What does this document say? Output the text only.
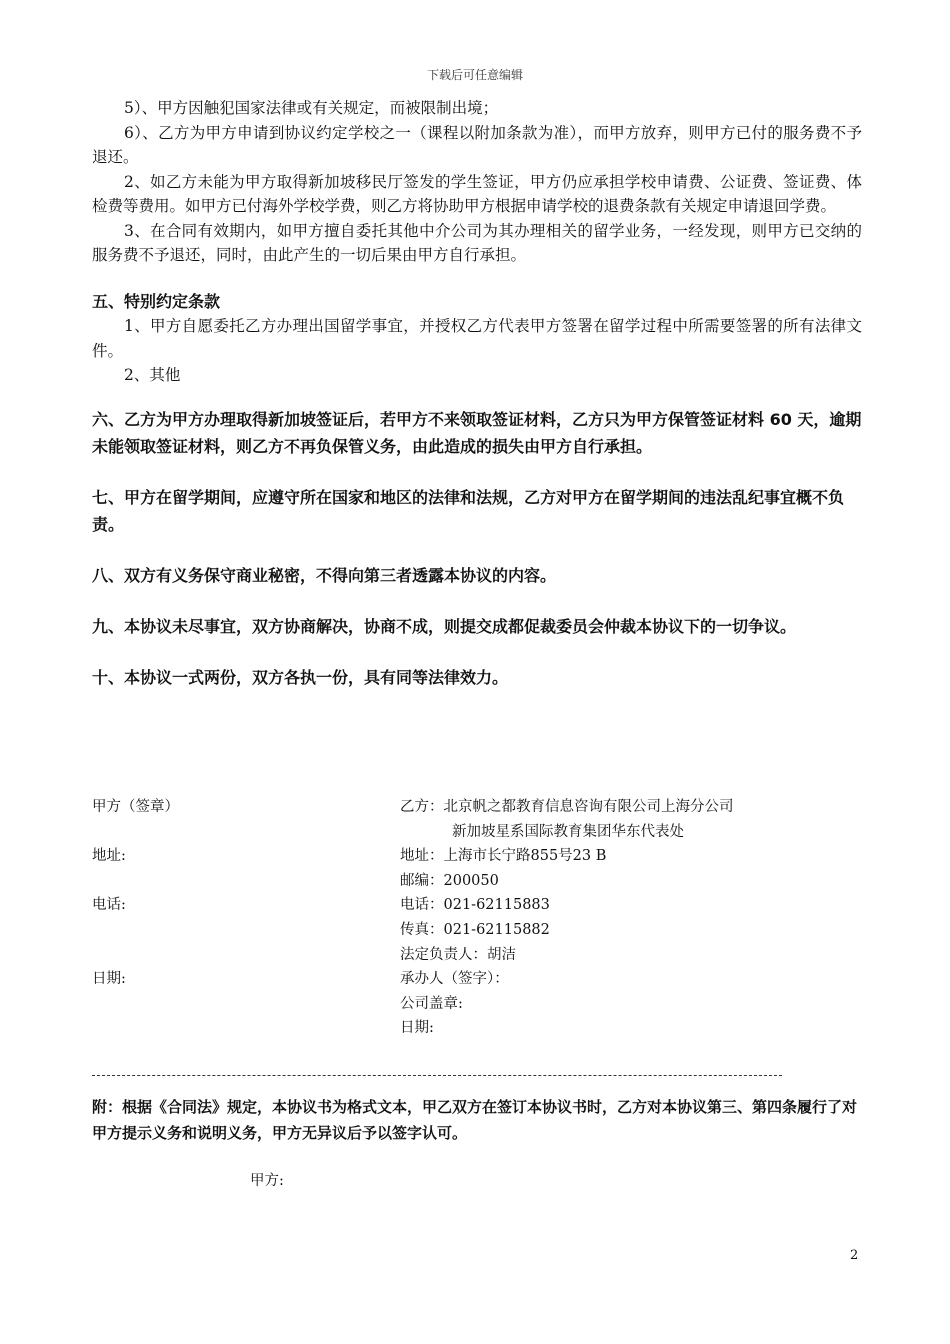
下载后可任意编辑

5）、甲方因触犯国家法律或有关规定，而被限制出境；

6）、乙方为甲方申请到协议约定学校之一（课程以附加条款为准），而甲方放弃，则甲方已付的服务费不予退还。

2、如乙方未能为甲方取得新加坡移民厅签发的学生签证，甲方仍应承担学校申请费、公证费、签证费、体检费等费用。如甲方已付海外学校学费，则乙方将协助甲方根据申请学校的退费条款有关规定申请退回学费。

3、在合同有效期内，如甲方擅自委托其他中介公司为其办理相关的留学业务，一经发现，则甲方已交纳的服务费不予退还，同时，由此产生的一切后果由甲方自行承担。

五、特别约定条款

1、甲方自愿委托乙方办理出国留学事宜，并授权乙方代表甲方签署在留学过程中所需要签署的所有法律文件。

2、其他

六、乙方为甲方办理取得新加坡签证后，若甲方不来领取签证材料，乙方只为甲方保管签证材料 60 天，逾期未能领取签证材料，则乙方不再负保管义务，由此造成的损失由甲方自行承担。

七、甲方在留学期间，应遵守所在国家和地区的法律和法规，乙方对甲方在留学期间的违法乱纪事宜概不负责。

八、双方有义务保守商业秘密，不得向第三者透露本协议的内容。

九、本协议未尽事宜，双方协商解决，协商不成，则提交成都促裁委员会仲裁本协议下的一切争议。

十、本协议一式两份，双方各执一份，具有同等法律效力。

甲方（签章）	乙方：北京帆之都教育信息咨询有限公司上海分公司
新加坡星系国际教育集团华东代表处
地址:	地址：上海市长宁路855号23 B
邮编：200050
电话:	电话：021-62115883
传真：021-62115882
法定负责人：胡洁
日期:	承办人（签字）：
公司盖章:
日期:

附：根据《合同法》规定，本协议书为格式文本，甲乙双方在签订本协议书时，乙方对本协议第三、第四条履行了对甲方提示义务和说明义务，甲方无异议后予以签字认可。

甲方:
2
